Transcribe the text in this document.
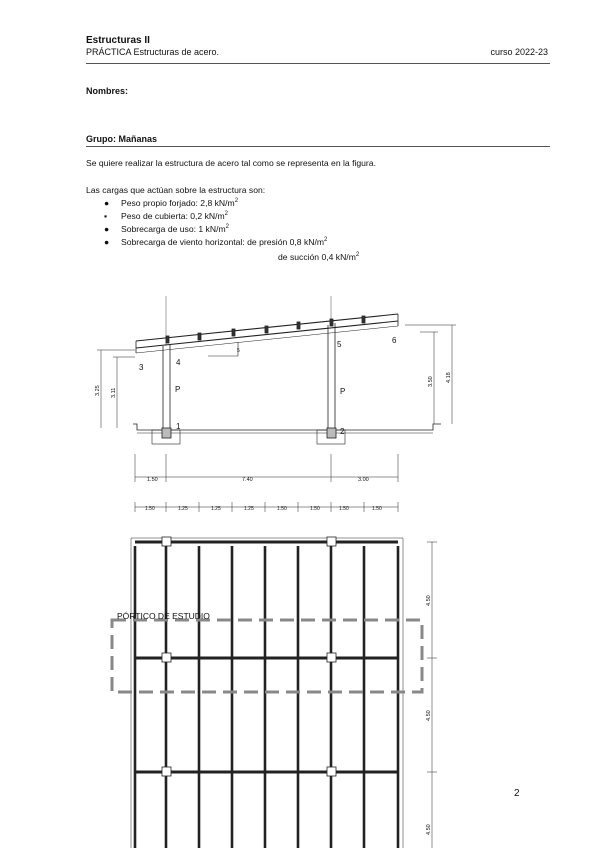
Estructuras II
PRÁCTICA Estructuras de acero.	curso 2022-23
Nombres:
Grupo: Mañanas
Se quiere realizar la estructura de acero tal como se representa en la figura.
Las cargas que actúan sobre la estructura son:
● Peso propio forjado: 2,8 $kN/m^2$
▪ Peso de cubierta: 0,2 $kN/m^2$
● Sobrecarga de uso: 1 $kN/m^2$
● Sobrecarga de viento horizontal: de presión 0,8 $kN/m^2$
de succión 0,4 $kN/m^2$
1
2
3
4
5	6
P	P
5
1.50	7.40	3.00
3.25 3.11
3.50 4.18
1.50	1.25	1.25	1.25	1.50	1.50	1.50	1.50
4.50
4.50
4.50
PÓRTICO DE ESTUDIO
2
